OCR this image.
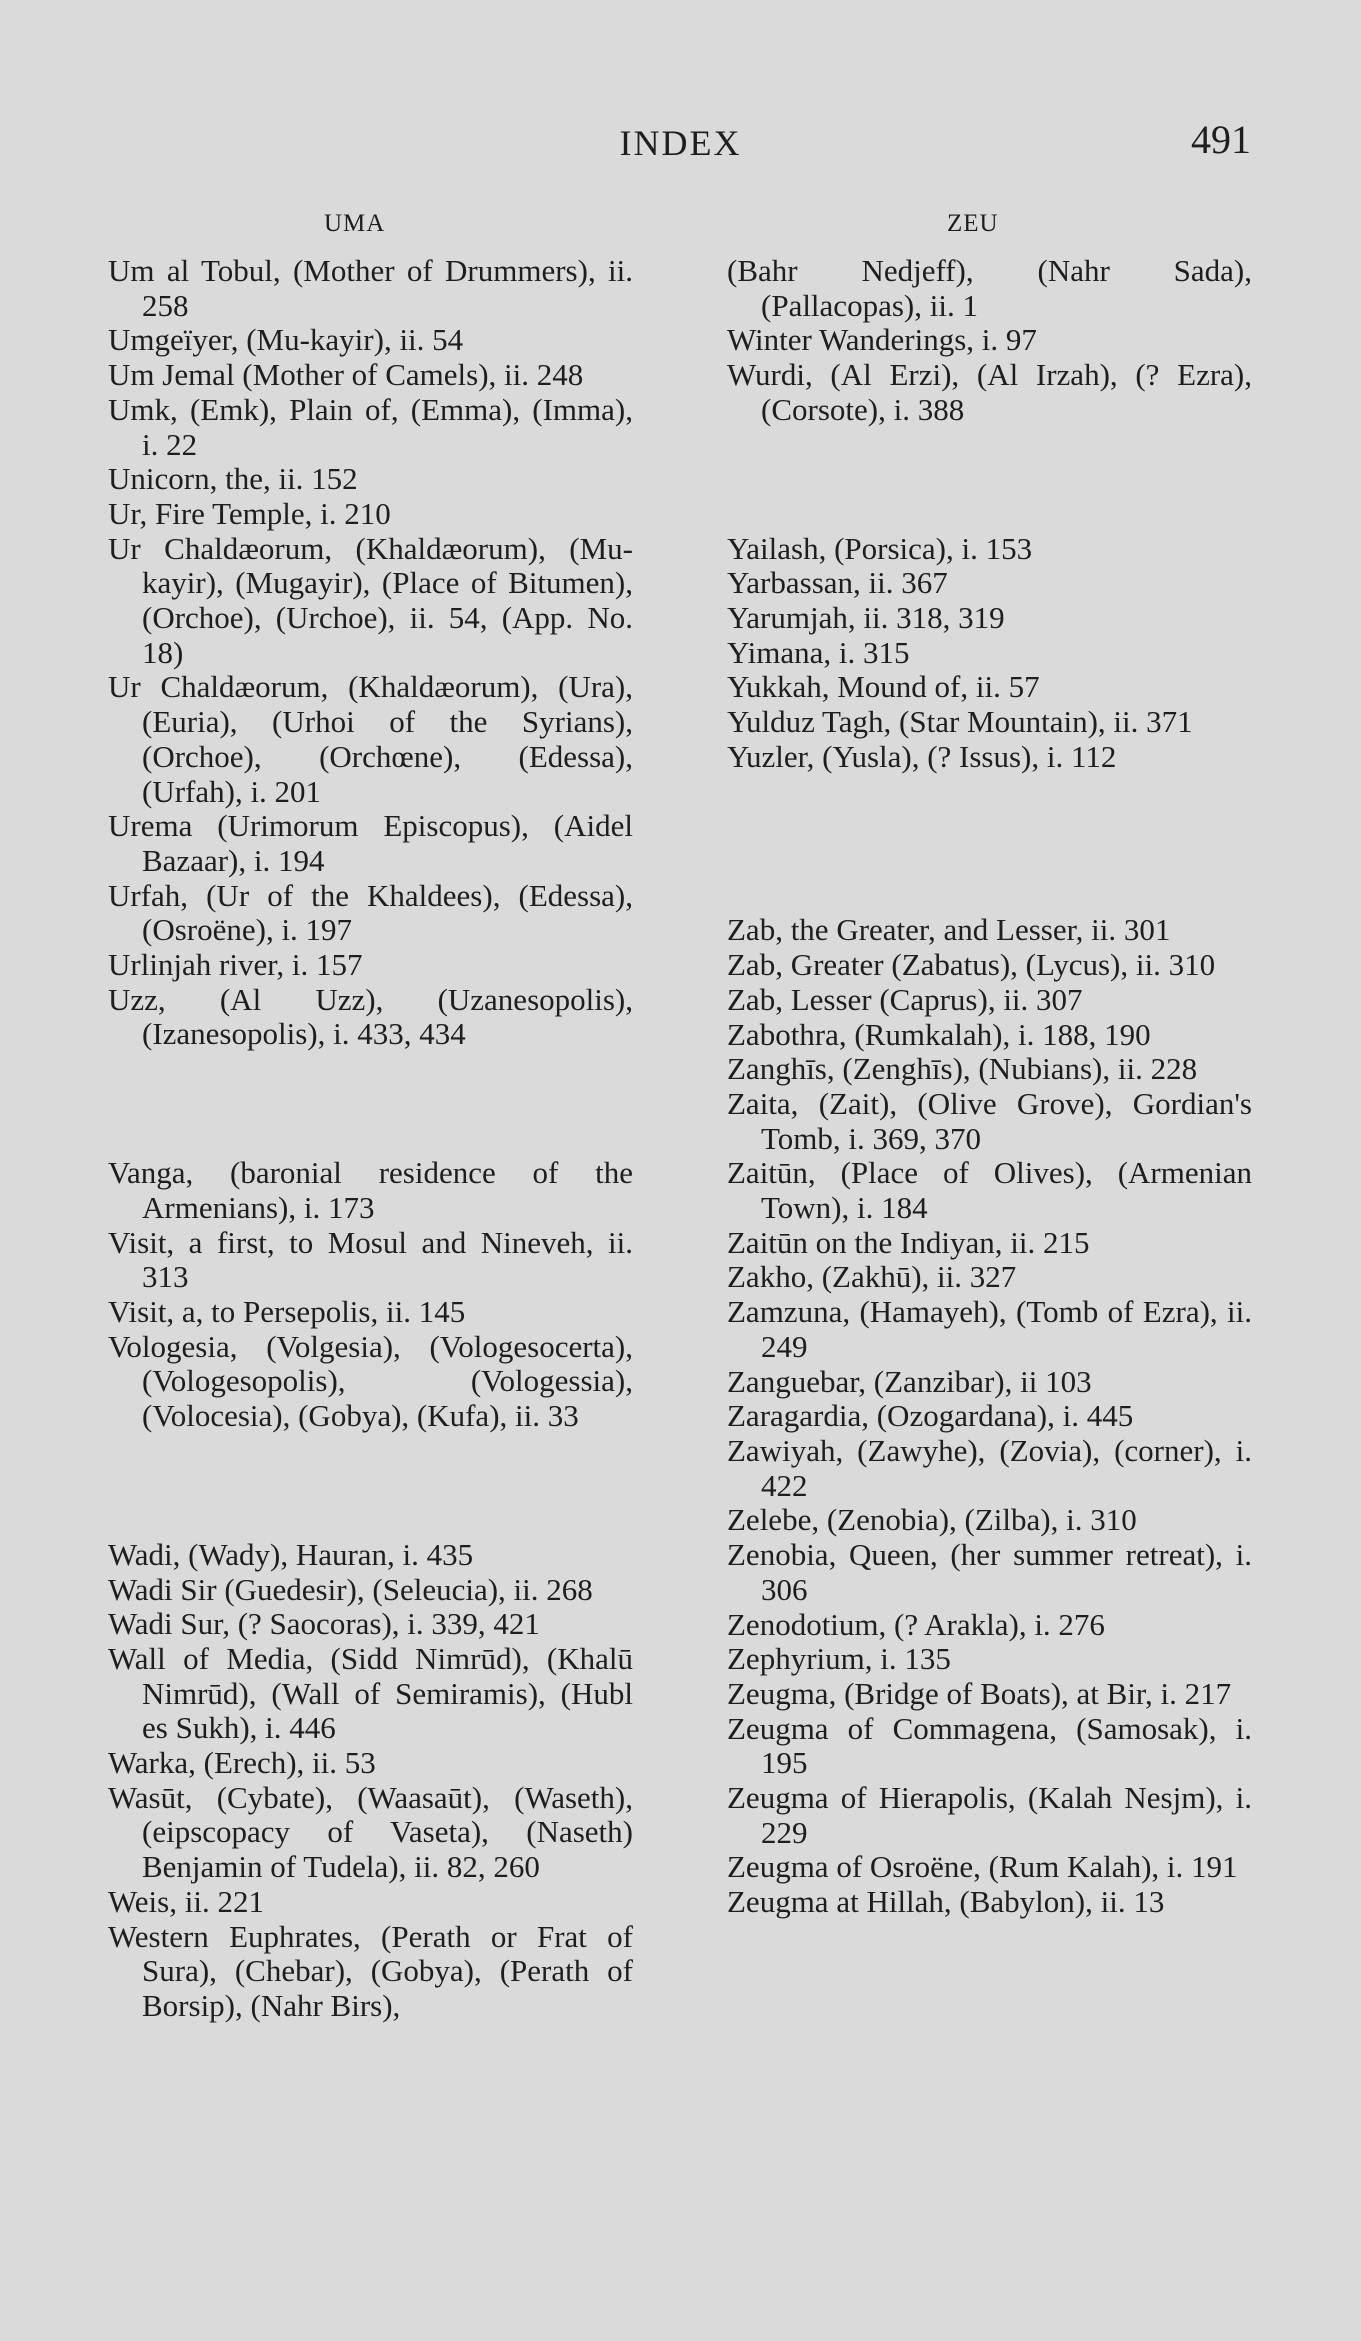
INDEX	491
UMA
Um al Tobul, (Mother of Drummers), ii. 258
Umgeïyer, (Mu-kayir), ii. 54
Um Jemal (Mother of Camels), ii. 248
Umk, (Emk), Plain of, (Emma), (Imma), i. 22
Unicorn, the, ii. 152
Ur, Fire Temple, i. 210
Ur Chaldæorum, (Khaldæorum), (Mu-kayir), (Mugayir), (Place of Bitumen), (Orchoe), (Urchoe), ii. 54, (App. No. 18)
Ur Chaldæorum, (Khaldæorum), (Ura), (Euria), (Urhoi of the Syrians), (Orchoe), (Orchœne), (Edessa), (Urfah), i. 201
Urema (Urimorum Episcopus), (Aidel Bazaar), i. 194
Urfah, (Ur of the Khaldees), (Edessa), (Osroëne), i. 197
Urlinjah river, i. 157
Uzz, (Al Uzz), (Uzanesopolis), (Izanesopolis), i. 433, 434
Vanga, (baronial residence of the Armenians), i. 173
Visit, a first, to Mosul and Nineveh, ii. 313
Visit, a, to Persepolis, ii. 145
Vologesia, (Volgesia), (Vologesocerta), (Vologesopolis), (Vologessia), (Volocesia), (Gobya), (Kufa), ii. 33
Wadi, (Wady), Hauran, i. 435
Wadi Sir (Guedesir), (Seleucia), ii. 268
Wadi Sur, (? Saocoras), i. 339, 421
Wall of Media, (Sidd Nimrūd), (Khalū Nimrūd), (Wall of Semiramis), (Hubl es Sukh), i. 446
Warka, (Erech), ii. 53
Wasūt, (Cybate), (Waasaūt), (Waseth), (eipscopacy of Vaseta), (Naseth) Benjamin of Tudela), ii. 82, 260
Weis, ii. 221
Western Euphrates, (Perath or Frat of Sura), (Chebar), (Gobya), (Perath of Borsip), (Nahr Birs),
ZEU
(Bahr Nedjeff), (Nahr Sada), (Pallacopas), ii. 1
Winter Wanderings, i. 97
Wurdi, (Al Erzi), (Al Irzah), (? Ezra), (Corsote), i. 388
Yailash, (Porsica), i. 153
Yarbassan, ii. 367
Yarumjah, ii. 318, 319
Yimana, i. 315
Yukkah, Mound of, ii. 57
Yulduz Tagh, (Star Mountain), ii. 371
Yuzler, (Yusla), (? Issus), i. 112
Zab, the Greater, and Lesser, ii. 301
Zab, Greater (Zabatus), (Lycus), ii. 310
Zab, Lesser (Caprus), ii. 307
Zabothra, (Rumkalah), i. 188, 190
Zanghīs, (Zenghīs), (Nubians), ii. 228
Zaita, (Zait), (Olive Grove), Gordian's Tomb, i. 369, 370
Zaitūn, (Place of Olives), (Armenian Town), i. 184
Zaitūn on the Indiyan, ii. 215
Zakho, (Zakhū), ii. 327
Zamzuna, (Hamayeh), (Tomb of Ezra), ii. 249
Zanguebar, (Zanzibar), ii 103
Zaragardia, (Ozogardana), i. 445
Zawiyah, (Zawyhe), (Zovia), (corner), i. 422
Zelebe, (Zenobia), (Zilba), i. 310
Zenobia, Queen, (her summer retreat), i. 306
Zenodotium, (? Arakla), i. 276
Zephyrium, i. 135
Zeugma, (Bridge of Boats), at Bir, i. 217
Zeugma of Commagena, (Samosak), i. 195
Zeugma of Hierapolis, (Kalah Nesjm), i. 229
Zeugma of Osroëne, (Rum Kalah), i. 191
Zeugma at Hillah, (Babylon), ii. 13
